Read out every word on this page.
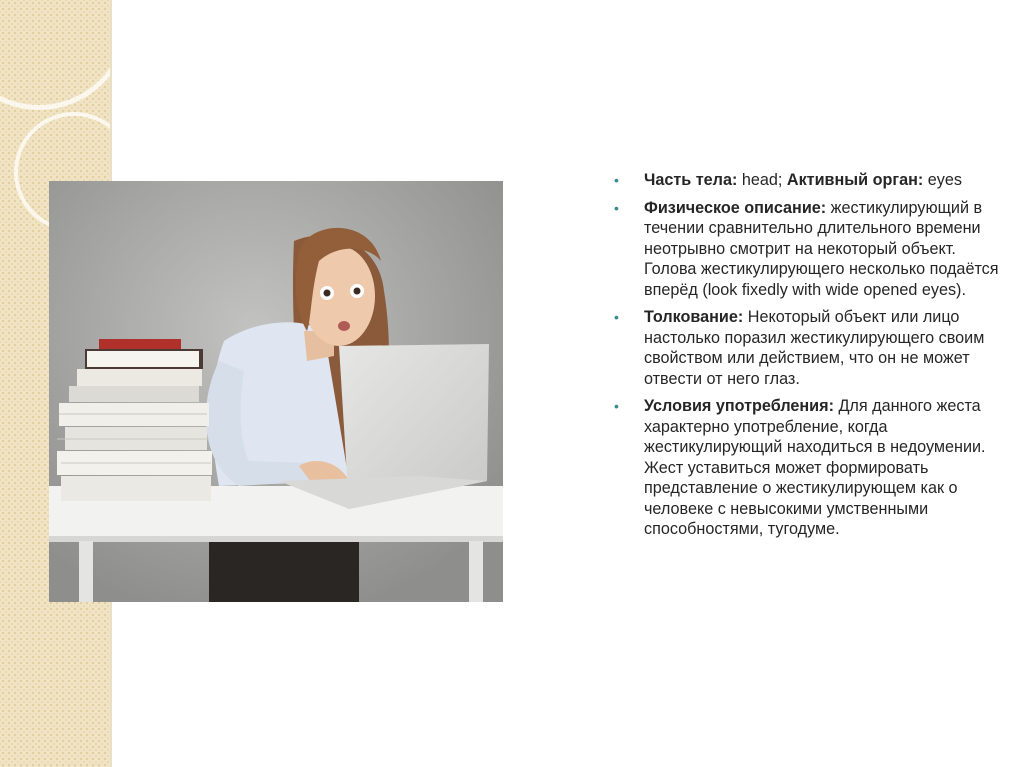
• Часть тела: head; Активный орган: eyes
• Физическое описание: жестикулирующий в течении сравнительно длительного времени неотрывно смотрит на некоторый объект. Голова жестикулирующего несколько подаётся вперёд (look fixedly with wide opened eyes).
• Толкование: Некоторый объект или лицо настолько поразил жестикулирующего своим свойством или действием, что он не может отвести от него глаз.
• Условия употребления: Для данного жеста характерно употребление, когда жестикулирующий находиться в недоумении. Жест уставиться может формировать представление о жестикулирующем как о человеке с невысокими умственными способностями, тугодуме.
